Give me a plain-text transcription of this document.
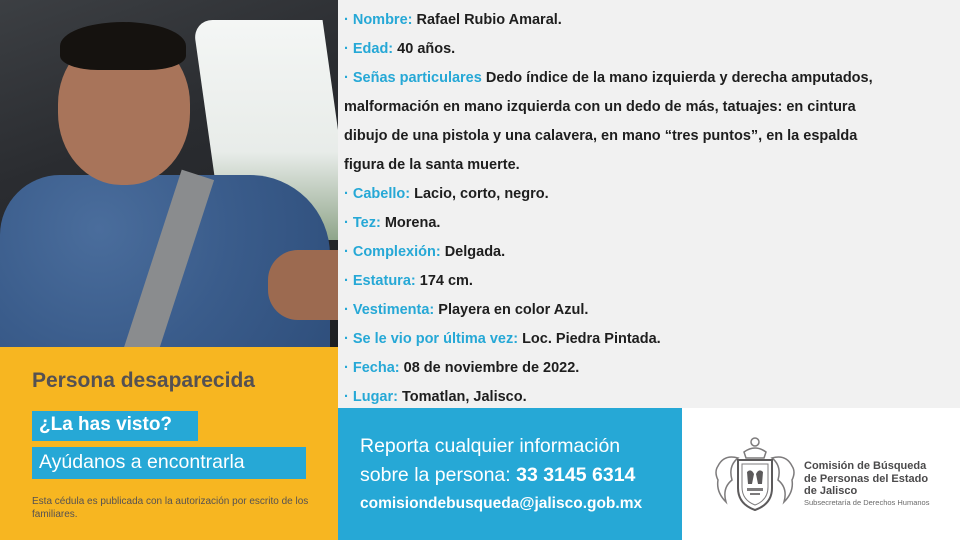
· Nombre: Rafael Rubio Amaral.
· Edad: 40 años.
· Señas particulares Dedo índice de la mano izquierda y derecha amputados,
malformación en mano izquierda con un dedo de más, tatuajes: en cintura
dibujo de una pistola y una calavera, en mano “tres puntos”, en la espalda
figura de la santa muerte.
· Cabello: Lacio, corto, negro.
· Tez: Morena.
· Complexión: Delgada.
· Estatura: 174 cm.
· Vestimenta: Playera en color Azul.
· Se le vio por última vez: Loc. Piedra Pintada.
· Fecha: 08 de noviembre de 2022.
· Lugar: Tomatlan, Jalisco.
Persona desaparecida
¿La has visto?
Ayúdanos a encontrarla
Esta cédula es publicada con la autorización por escrito de los familiares.
Reporta cualquier información
sobre la persona: 33 3145 6314
comisiondebusqueda@jalisco.gob.mx
Comisión de Búsqueda
de Personas del Estado
de Jalisco
Subsecretaría de Derechos Humanos
